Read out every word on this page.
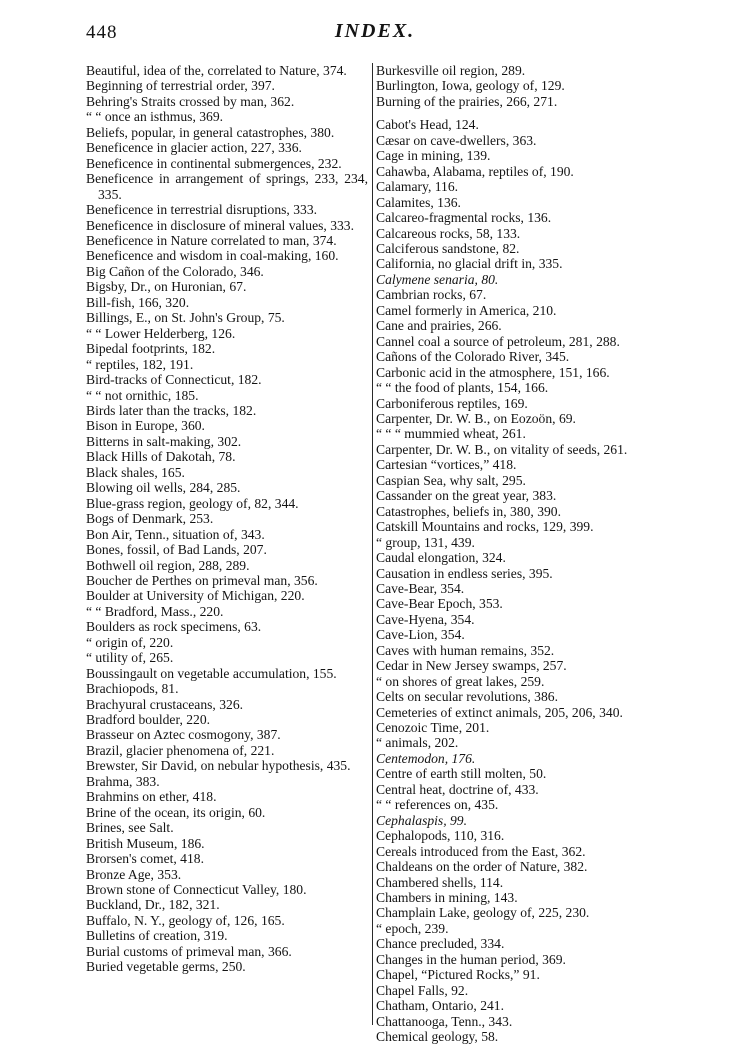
448	INDEX.

Beautiful, idea of the, correlated to Nature, 374.

Beginning of terrestrial order, 397.

Behring's Straits crossed by man, 362.

“ “ once an isthmus, 369.

Beliefs, popular, in general catastrophes, 380.

Beneficence in glacier action, 227, 336.

Beneficence in continental submergences, 232.

Beneficence in arrangement of springs, 233, 234, 335.

Beneficence in terrestrial disruptions, 333.

Beneficence in disclosure of mineral values, 333.

Beneficence in Nature correlated to man, 374.

Beneficence and wisdom in coal-making, 160.

Big Cañon of the Colorado, 346.

Bigsby, Dr., on Huronian, 67.

Bill-fish, 166, 320.

Billings, E., on St. John's Group, 75.

“ “ Lower Helderberg, 126.

Bipedal footprints, 182.

“ reptiles, 182, 191.

Bird-tracks of Connecticut, 182.

“ “ not ornithic, 185.

Birds later than the tracks, 182.

Bison in Europe, 360.

Bitterns in salt-making, 302.

Black Hills of Dakotah, 78.

Black shales, 165.

Blowing oil wells, 284, 285.

Blue-grass region, geology of, 82, 344.

Bogs of Denmark, 253.

Bon Air, Tenn., situation of, 343.

Bones, fossil, of Bad Lands, 207.

Bothwell oil region, 288, 289.

Boucher de Perthes on primeval man, 356.

Boulder at University of Michigan, 220.

“ “ Bradford, Mass., 220.

Boulders as rock specimens, 63.

“ origin of, 220.

“ utility of, 265.

Boussingault on vegetable accumulation, 155.

Brachiopods, 81.

Brachyural crustaceans, 326.

Bradford boulder, 220.

Brasseur on Aztec cosmogony, 387.

Brazil, glacier phenomena of, 221.

Brewster, Sir David, on nebular hypothesis, 435.

Brahma, 383.

Brahmins on ether, 418.

Brine of the ocean, its origin, 60.

Brines, see Salt.

British Museum, 186.

Brorsen's comet, 418.

Bronze Age, 353.

Brown stone of Connecticut Valley, 180.

Buckland, Dr., 182, 321.

Buffalo, N. Y., geology of, 126, 165.

Bulletins of creation, 319.

Burial customs of primeval man, 366.

Buried vegetable germs, 250.

Burkesville oil region, 289.

Burlington, Iowa, geology of, 129.

Burning of the prairies, 266, 271.

Cabot's Head, 124.

Cæsar on cave-dwellers, 363.

Cage in mining, 139.

Cahawba, Alabama, reptiles of, 190.

Calamary, 116.

Calamites, 136.

Calcareo-fragmental rocks, 136.

Calcareous rocks, 58, 133.

Calciferous sandstone, 82.

California, no glacial drift in, 335.

Calymene senaria, 80.

Cambrian rocks, 67.

Camel formerly in America, 210.

Cane and prairies, 266.

Cannel coal a source of petroleum, 281, 288.

Cañons of the Colorado River, 345.

Carbonic acid in the atmosphere, 151, 166.

“ “ the food of plants, 154, 166.

Carboniferous reptiles, 169.

Carpenter, Dr. W. B., on Eozoön, 69.

“ “ “ mummied wheat, 261.

Carpenter, Dr. W. B., on vitality of seeds, 261.

Cartesian “vortices,” 418.

Caspian Sea, why salt, 295.

Cassander on the great year, 383.

Catastrophes, beliefs in, 380, 390.

Catskill Mountains and rocks, 129, 399.

“ group, 131, 439.

Caudal elongation, 324.

Causation in endless series, 395.

Cave-Bear, 354.

Cave-Bear Epoch, 353.

Cave-Hyena, 354.

Cave-Lion, 354.

Caves with human remains, 352.

Cedar in New Jersey swamps, 257.

“ on shores of great lakes, 259.

Celts on secular revolutions, 386.

Cemeteries of extinct animals, 205, 206, 340.

Cenozoic Time, 201.

“ animals, 202.

Centemodon, 176.

Centre of earth still molten, 50.

Central heat, doctrine of, 433.

“ “ references on, 435.

Cephalaspis, 99.

Cephalopods, 110, 316.

Cereals introduced from the East, 362.

Chaldeans on the order of Nature, 382.

Chambered shells, 114.

Chambers in mining, 143.

Champlain Lake, geology of, 225, 230.

“ epoch, 239.

Chance precluded, 334.

Changes in the human period, 369.

Chapel, “Pictured Rocks,” 91.

Chapel Falls, 92.

Chatham, Ontario, 241.

Chattanooga, Tenn., 343.

Chemical geology, 58.
